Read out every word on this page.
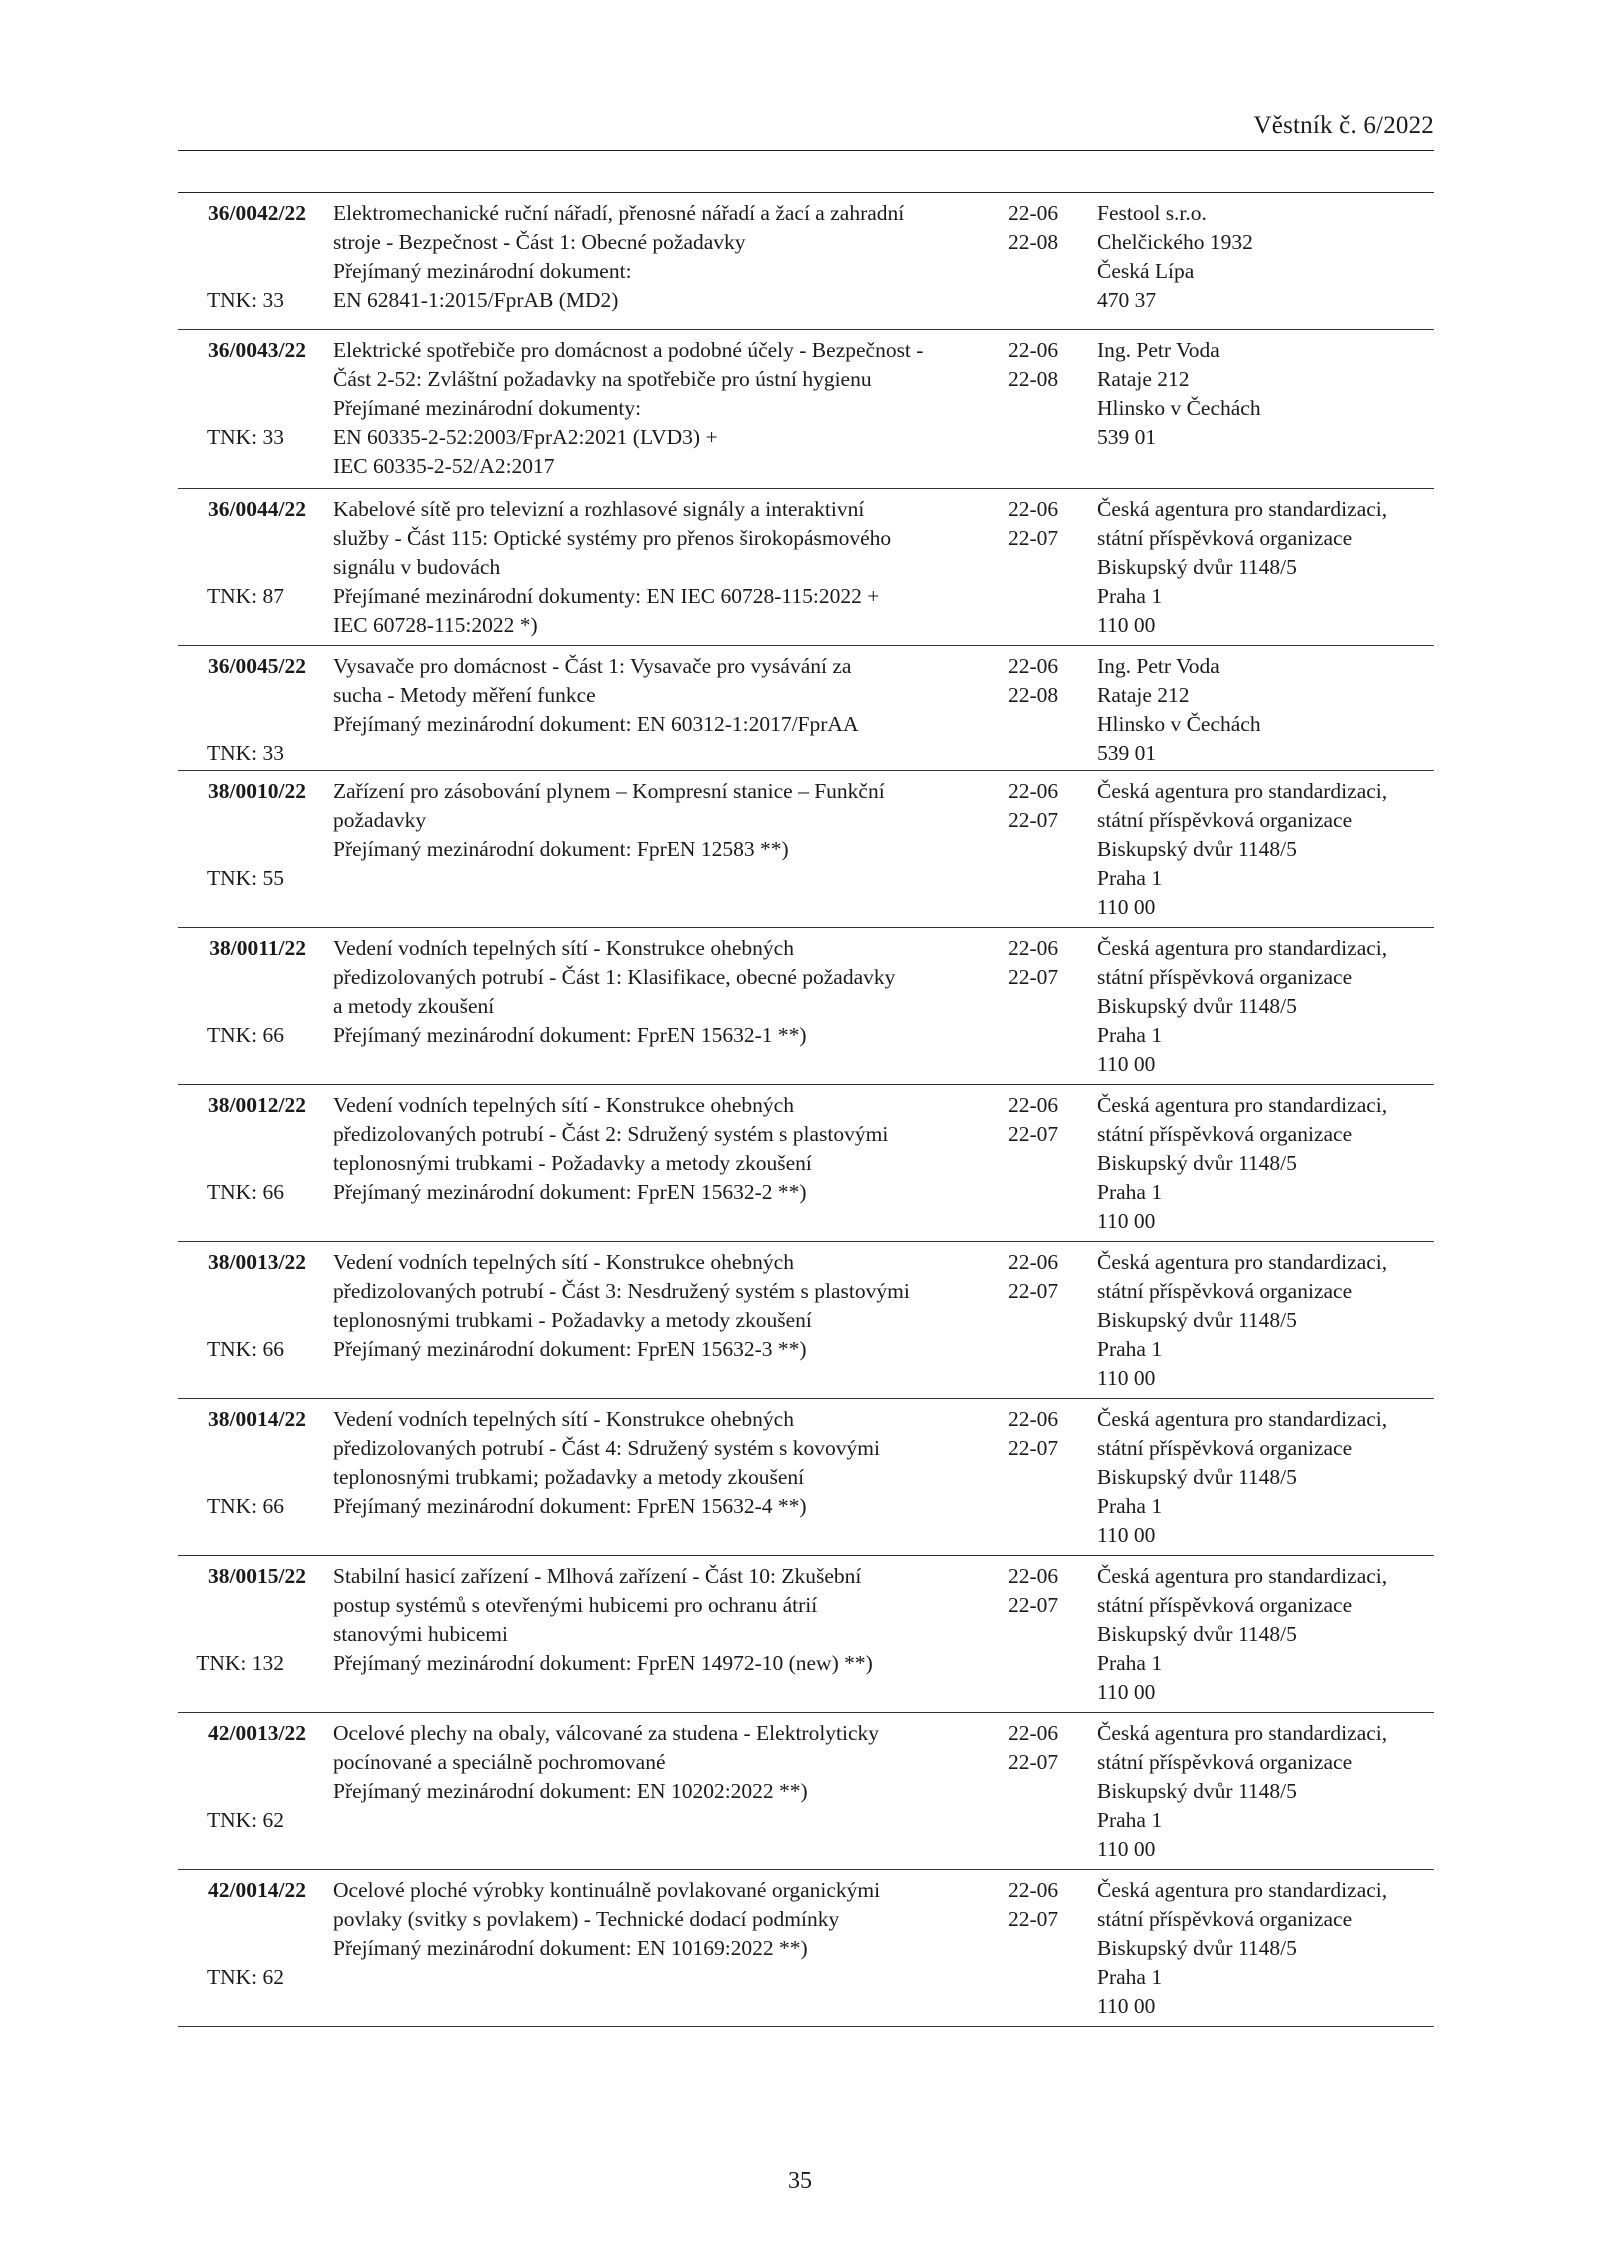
Věstník č. 6/2022
36/0042/22
TNK: 33
Elektromechanické ruční nářadí, přenosné nářadí a žací a zahradní
stroje - Bezpečnost - Část 1: Obecné požadavky
Přejímaný mezinárodní dokument:
EN 62841-1:2015/FprAB (MD2)
22-06
22-08
Festool s.r.o.
Chelčického 1932
Česká Lípa
470 37
36/0043/22
TNK: 33
Elektrické spotřebiče pro domácnost a podobné účely - Bezpečnost -
Část 2-52: Zvláštní požadavky na spotřebiče pro ústní hygienu
Přejímané mezinárodní dokumenty:
EN 60335-2-52:2003/FprA2:2021 (LVD3) +
IEC 60335-2-52/A2:2017
22-06
22-08
Ing. Petr Voda
Rataje 212
Hlinsko v Čechách
539 01
36/0044/22
TNK: 87
Kabelové sítě pro televizní a rozhlasové signály a interaktivní
služby - Část 115: Optické systémy pro přenos širokopásmového
signálu v budovách
Přejímané mezinárodní dokumenty: EN IEC 60728-115:2022 +
IEC 60728-115:2022 *)
22-06
22-07
Česká agentura pro standardizaci,
státní příspěvková organizace
Biskupský dvůr 1148/5
Praha 1
110 00
36/0045/22
TNK: 33
Vysavače pro domácnost - Část 1: Vysavače pro vysávání za
sucha - Metody měření funkce
Přejímaný mezinárodní dokument: EN 60312-1:2017/FprAA
22-06
22-08
Ing. Petr Voda
Rataje 212
Hlinsko v Čechách
539 01
38/0010/22
TNK: 55
Zařízení pro zásobování plynem – Kompresní stanice – Funkční
požadavky
Přejímaný mezinárodní dokument: FprEN 12583 **)
22-06
22-07
Česká agentura pro standardizaci,
státní příspěvková organizace
Biskupský dvůr 1148/5
Praha 1
110 00
38/0011/22
TNK: 66
Vedení vodních tepelných sítí - Konstrukce ohebných
předizolovaných potrubí - Část 1: Klasifikace, obecné požadavky
a metody zkoušení
Přejímaný mezinárodní dokument: FprEN 15632-1 **)
22-06
22-07
Česká agentura pro standardizaci,
státní příspěvková organizace
Biskupský dvůr 1148/5
Praha 1
110 00
38/0012/22
TNK: 66
Vedení vodních tepelných sítí - Konstrukce ohebných
předizolovaných potrubí - Část 2: Sdružený systém s plastovými
teplonosnými trubkami - Požadavky a metody zkoušení
Přejímaný mezinárodní dokument: FprEN 15632-2 **)
22-06
22-07
Česká agentura pro standardizaci,
státní příspěvková organizace
Biskupský dvůr 1148/5
Praha 1
110 00
38/0013/22
TNK: 66
Vedení vodních tepelných sítí - Konstrukce ohebných
předizolovaných potrubí - Část 3: Nesdružený systém s plastovými
teplonosnými trubkami - Požadavky a metody zkoušení
Přejímaný mezinárodní dokument: FprEN 15632-3 **)
22-06
22-07
Česká agentura pro standardizaci,
státní příspěvková organizace
Biskupský dvůr 1148/5
Praha 1
110 00
38/0014/22
TNK: 66
Vedení vodních tepelných sítí - Konstrukce ohebných
předizolovaných potrubí - Část 4: Sdružený systém s kovovými
teplonosnými trubkami; požadavky a metody zkoušení
Přejímaný mezinárodní dokument: FprEN 15632-4 **)
22-06
22-07
Česká agentura pro standardizaci,
státní příspěvková organizace
Biskupský dvůr 1148/5
Praha 1
110 00
38/0015/22
TNK: 132
Stabilní hasicí zařízení - Mlhová zařízení - Část 10: Zkušební
postup systémů s otevřenými hubicemi pro ochranu átrií
stanovými hubicemi
Přejímaný mezinárodní dokument: FprEN 14972-10 (new) **)
22-06
22-07
Česká agentura pro standardizaci,
státní příspěvková organizace
Biskupský dvůr 1148/5
Praha 1
110 00
42/0013/22
TNK: 62
Ocelové plechy na obaly, válcované za studena - Elektrolyticky
pocínované a speciálně pochromované
Přejímaný mezinárodní dokument: EN 10202:2022 **)
22-06
22-07
Česká agentura pro standardizaci,
státní příspěvková organizace
Biskupský dvůr 1148/5
Praha 1
110 00
42/0014/22
TNK: 62
Ocelové ploché výrobky kontinuálně povlakované organickými
povlaky (svitky s povlakem) - Technické dodací podmínky
Přejímaný mezinárodní dokument: EN 10169:2022 **)
22-06
22-07
Česká agentura pro standardizaci,
státní příspěvková organizace
Biskupský dvůr 1148/5
Praha 1
110 00
35
